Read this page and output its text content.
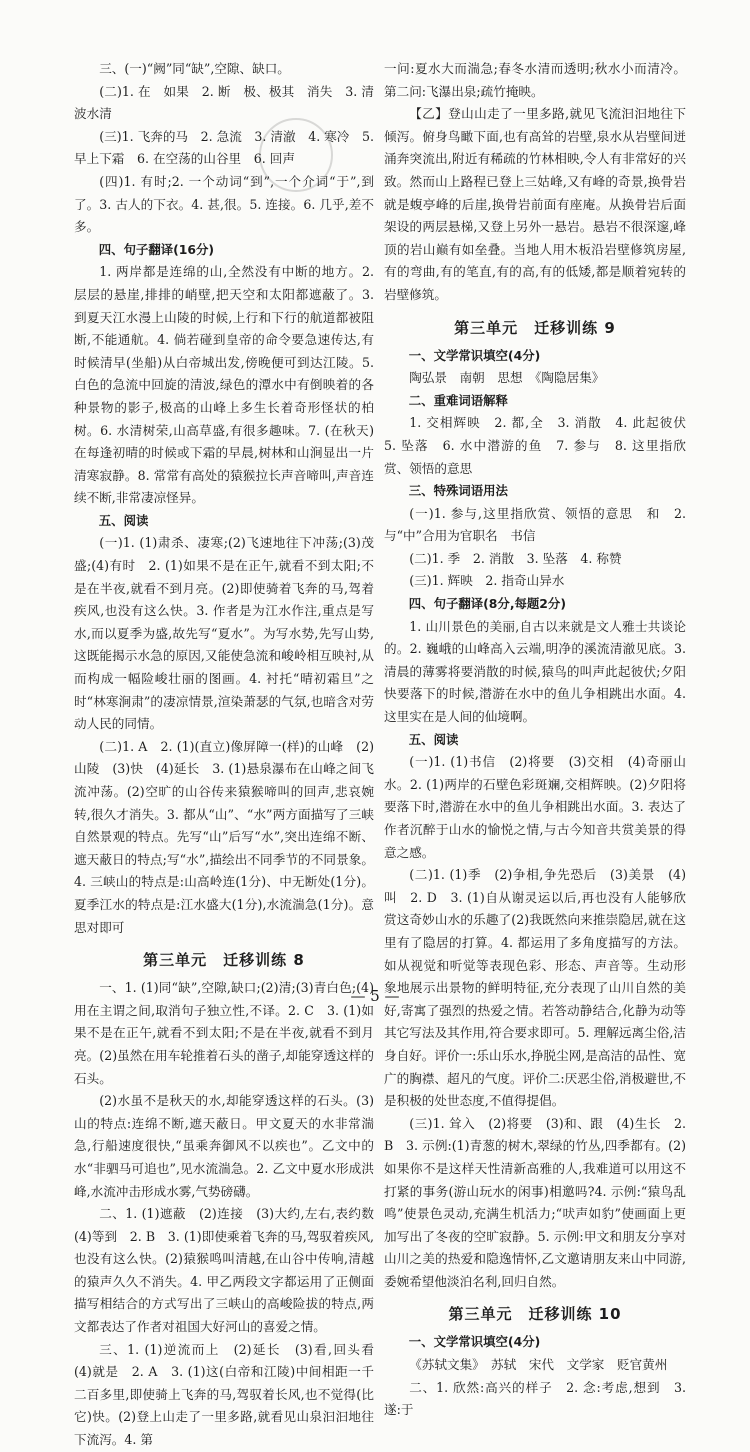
三、(一)“阙”同“缺”,空隙、缺口。

(二)1. 在　如果　2. 断　极、极其　消失　3. 清波水清

(三)1. 飞奔的马　2. 急流　3. 清澈　4. 寒冷　5. 早上下霜　6. 在空荡的山谷里　6. 回声

(四)1. 有时;2. 一个动词“到”,一个介词“于”,到了。3. 古人的下衣。4. 甚,很。5. 连接。6. 几乎,差不多。

四、句子翻译(16分)

1. 两岸都是连绵的山,全然没有中断的地方。2. 层层的悬崖,排排的峭壁,把天空和太阳都遮蔽了。3. 到夏天江水漫上山陵的时候,上行和下行的航道都被阻断,不能通航。4. 倘若碰到皇帝的命令要急速传达,有时候清早(坐船)从白帝城出发,傍晚便可到达江陵。5. 白色的急流中回旋的清波,绿色的潭水中有倒映着的各种景物的影子,极高的山峰上多生长着奇形怪状的柏树。6. 水清树荣,山高草盛,有很多趣味。7. (在秋天)在每逢初晴的时候或下霜的早晨,树林和山涧显出一片清寒寂静。8. 常常有高处的猿猴拉长声音啼叫,声音连续不断,非常凄凉怪异。

五、阅读

(一)1. (1)肃杀、凄寒;(2)飞速地往下冲荡;(3)茂盛;(4)有时　2. (1)如果不是在正午,就看不到太阳;不是在半夜,就看不到月亮。(2)即使骑着飞奔的马,驾着疾风,也没有这么快。3. 作者是为江水作注,重点是写水,而以夏季为盛,故先写“夏水”。为写水势,先写山势,这既能揭示水急的原因,又能使急流和峻岭相互映衬,从而构成一幅险峻壮丽的图画。4. 衬托“晴初霜旦”之时“林寒涧肃”的凄凉情景,渲染萧瑟的气氛,也暗含对劳动人民的同情。

(二)1. A　2. (1)(直立)像屏障一(样)的山峰　(2)山陵　(3)快　(4)延长　3. (1)悬泉瀑布在山峰之间飞流冲荡。(2)空旷的山谷传来猿猴啼叫的回声,悲哀婉转,很久才消失。3. 都从“山”、“水”两方面描写了三峡自然景观的特点。先写“山”后写“水”,突出连绵不断、遮天蔽日的特点;写“水”,描绘出不同季节的不同景象。4. 三峡山的特点是:山高岭连(1分)、中无断处(1分)。夏季江水的特点是:江水盛大(1分),水流湍急(1分)。意思对即可

第三单元　迁移训练 8

一、1. (1)同“缺”,空隙,缺口;(2)清;(3)青白色;(4)用在主谓之间,取消句子独立性,不译。2. C　3. (1)如果不是在正午,就看不到太阳;不是在半夜,就看不到月亮。(2)虽然在用车轮推着石头的凿子,却能穿透这样的石头。

(2)水虽不是秋天的水,却能穿透这样的石头。(3)山的特点:连绵不断,遮天蔽日。甲文夏天的水非常湍急,行船速度很快,“虽乘奔御风不以疾也”。乙文中的水“非驷马可追也”,见水流湍急。2. 乙文中夏水形成洪峰,水流冲击形成水雾,气势磅礴。

二、1. (1)遮蔽　(2)连接　(3)大约,左右,表约数　(4)等到　2. B　3. (1)即使乘着飞奔的马,驾驭着疾风,也没有这么快。(2)猿猴鸣叫清越,在山谷中传响,清越的猿声久久不消失。4. 甲乙两段文字都运用了正侧面描写相结合的方式写出了三峡山的高峻险拔的特点,两文都表达了作者对祖国大好河山的喜爱之情。

三、1. (1)逆流而上　(2)延长　(3)看,回头看　(4)就是　2. A　3. (1)这(白帝和江陵)中间相距一千二百多里,即使骑上飞奔的马,驾驭着长风,也不觉得(比它)快。(2)登上山走了一里多路,就看见山泉汩汩地往下流泻。4. 第

一问:夏水大而湍急;春冬水清而透明;秋水小而清冷。第二问:飞瀑出泉;疏竹掩映。

【乙】登山山走了一里多路,就见飞流汩汩地往下倾泻。俯身鸟瞰下面,也有高耸的岩壁,泉水从岩壁间迸涌奔突流出,附近有稀疏的竹林相映,令人有非常好的兴致。然而山上路程已登上三姑峰,又有峰的奇景,换骨岩就是蝮亭峰的后崖,换骨岩前面有座庵。从换骨岩后面架设的两层悬梯,又登上另外一悬岩。悬岩不很深邃,峰顶的岩山巅有如垒叠。当地人用木板沿岩壁修筑房屋,有的弯曲,有的笔直,有的高,有的低矮,都是顺着宛转的岩壁修筑。

第三单元　迁移训练 9

一、文学常识填空(4分)

陶弘景　南朝　思想　《陶隐居集》

二、重难词语解释

1. 交相辉映　2. 都,全　3. 消散　4. 此起彼伏　5. 坠落　6. 水中潜游的鱼　7. 参与　8. 这里指欣赏、领悟的意思

三、特殊词语用法

(一)1. 参与,这里指欣赏、领悟的意思　和　2. 与“中”合用为官职名　书信

(二)1. 季　2. 消散　3. 坠落　4. 称赞

(三)1. 辉映　2. 指奇山异水

四、句子翻译(8分,每题2分)

1. 山川景色的美丽,自古以来就是文人雅士共谈论的。2. 巍峨的山峰高入云端,明净的溪流清澈见底。3. 清晨的薄雾将要消散的时候,猿鸟的叫声此起彼伏;夕阳快要落下的时候,潜游在水中的鱼儿争相跳出水面。4. 这里实在是人间的仙境啊。

五、阅读

(一)1. (1)书信　(2)将要　(3)交相　(4)奇丽山水。2. (1)两岸的石壁色彩斑斓,交相辉映。(2)夕阳将要落下时,潜游在水中的鱼儿争相跳出水面。3. 表达了作者沉醉于山水的愉悦之情,与古今知音共赏美景的得意之感。

(二)1. (1)季　(2)争相,争先恐后　(3)美景　(4)叫　2. D　3. (1)自从谢灵运以后,再也没有人能够欣赏这奇妙山水的乐趣了(2)我既然向来推崇隐居,就在这里有了隐居的打算。4. 都运用了多角度描写的方法。如从视觉和听觉等表现色彩、形态、声音等。生动形象地展示出景物的鲜明特征,充分表现了山川自然的美好,寄寓了强烈的热爱之情。若答动静结合,化静为动等其它写法及其作用,符合要求即可。5. 理解远离尘俗,洁身自好。评价一:乐山乐水,挣脱尘网,是高洁的品性、宽广的胸襟、超凡的气度。评价二:厌恶尘俗,消极避世,不是积极的处世态度,不值得提倡。

(三)1. 耸入　(2)将要　(3)和、跟　(4)生长　2. B　3. 示例:(1)青葱的树木,翠绿的竹丛,四季都有。(2)如果你不是这样天性清新高雅的人,我难道可以用这不打紧的事务(游山玩水的闲事)相邀吗?4. 示例:“猿鸟乱鸣”使景色灵动,充满生机活力;“吠声如豹”使画面上更加写出了冬夜的空旷寂静。5. 示例:甲文和朋友分享对山川之美的热爱和隐逸情怀,乙文邀请朋友来山中同游,委婉希望他淡泊名利,回归自然。

第三单元　迁移训练 10

一、文学常识填空(4分)

《苏轼文集》　苏轼　宋代　文学家　贬官黄州

二、1. 欣然:高兴的样子　2. 念:考虑,想到　3. 遂:于

— 5 —
